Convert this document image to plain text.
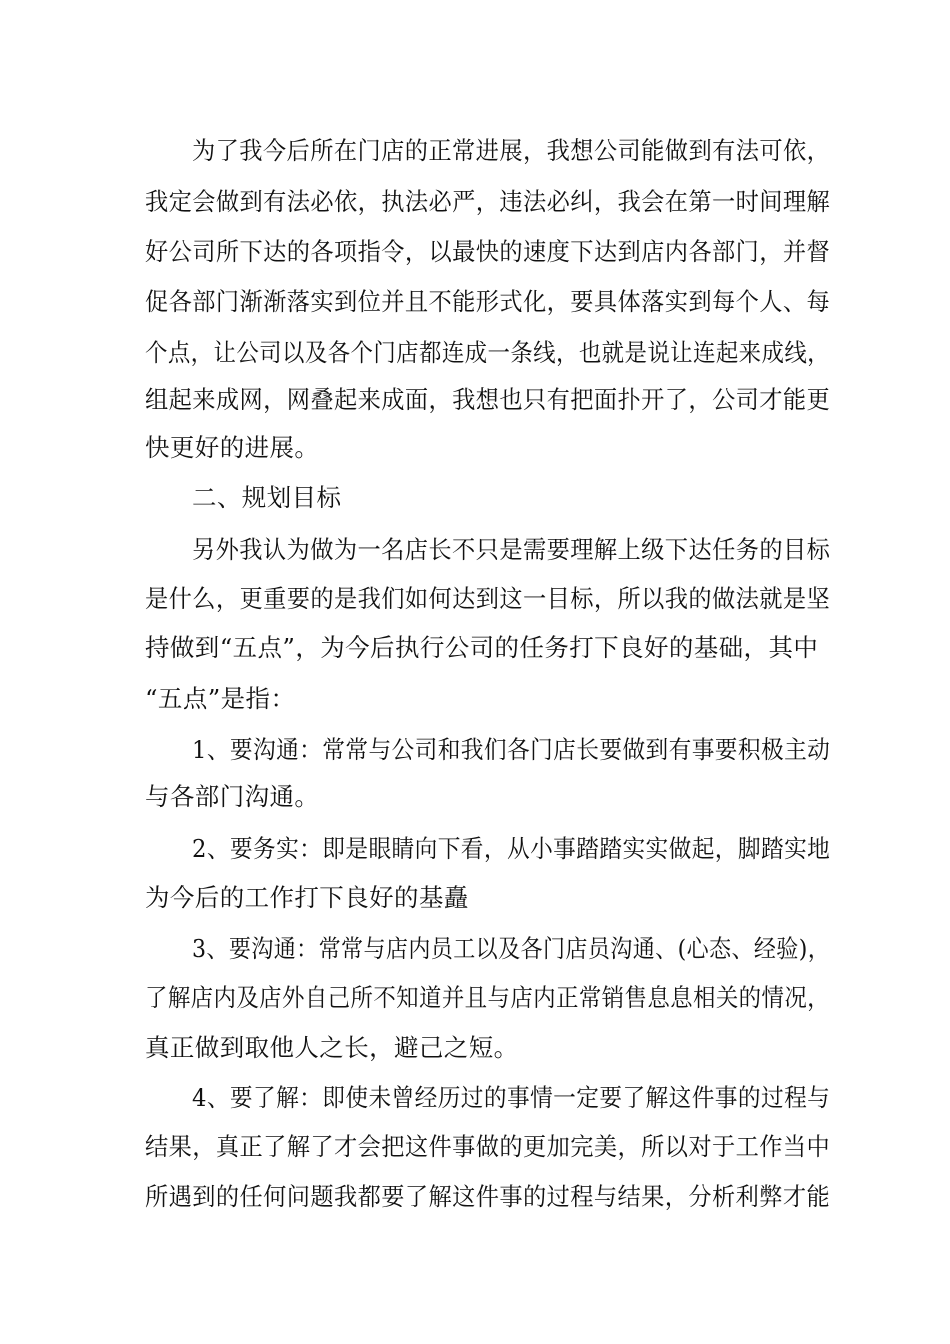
为了我今后所在门店的正常进展，我想公司能做到有法可依，
我定会做到有法必依，执法必严，违法必纠，我会在第一时间理解
好公司所下达的各项指令，以最快的速度下达到店内各部门，并督
促各部门渐渐落实到位并且不能形式化，要具体落实到每个人、每
个点，让公司以及各个门店都连成一条线，也就是说让连起来成线，
组起来成网，网叠起来成面，我想也只有把面扑开了，公司才能更
快更好的进展。
二、规划目标
另外我认为做为一名店长不只是需要理解上级下达任务的目标
是什么，更重要的是我们如何达到这一目标，所以我的做法就是坚
持做到“五点”，为今后执行公司的任务打下良好的基础，其中
“五点”是指：
1、要沟通：常常与公司和我们各门店长要做到有事要积极主动
与各部门沟通。
2、要务实：即是眼睛向下看，从小事踏踏实实做起，脚踏实地
为今后的工作打下良好的基矗
3、要沟通：常常与店内员工以及各门店员沟通、(心态、经验)，
了解店内及店外自己所不知道并且与店内正常销售息息相关的情况，
真正做到取他人之长，避己之短。
4、要了解：即使未曾经历过的事情一定要了解这件事的过程与
结果，真正了解了才会把这件事做的更加完美，所以对于工作当中
所遇到的任何问题我都要了解这件事的过程与结果，分析利弊才能
